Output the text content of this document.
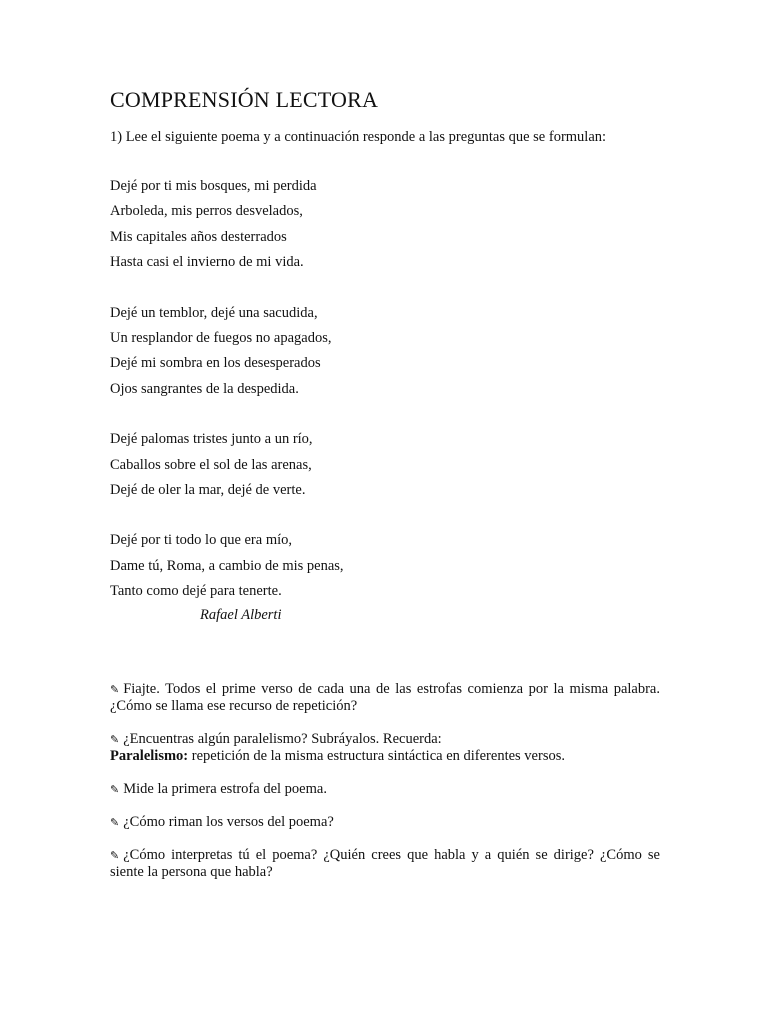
COMPRENSIÓN LECTORA
1) Lee el siguiente poema y a continuación responde a las preguntas que se formulan:
Dejé por ti mis bosques, mi perdida
Arboleda, mis perros desvelados,
Mis capitales años desterrados
Hasta casi el invierno de mi vida.
Dejé un temblor, dejé una sacudida,
Un resplandor de fuegos no apagados,
Dejé mi sombra en los desesperados
Ojos sangrantes de la despedida.
Dejé palomas tristes junto a un río,
Caballos sobre el sol de las arenas,
Dejé de oler la mar, dejé de verte.
Dejé por ti todo lo que era mío,
Dame tú, Roma, a cambio de mis penas,
Tanto como dejé para tenerte.
Rafael Alberti

✎ Fiajte. Todos el prime verso de cada una de las estrofas comienza por la misma palabra. ¿Cómo se llama ese recurso de repetición?

✎ ¿Encuentras algún paralelismo? Subráyalos. Recuerda:

Paralelismo: repetición de la misma estructura sintáctica en diferentes versos.

✎ Mide la primera estrofa del poema.

✎ ¿Cómo riman los versos del poema?

✎ ¿Cómo interpretas tú el poema? ¿Quién crees que habla y a quién se dirige? ¿Cómo se siente la persona que habla?
